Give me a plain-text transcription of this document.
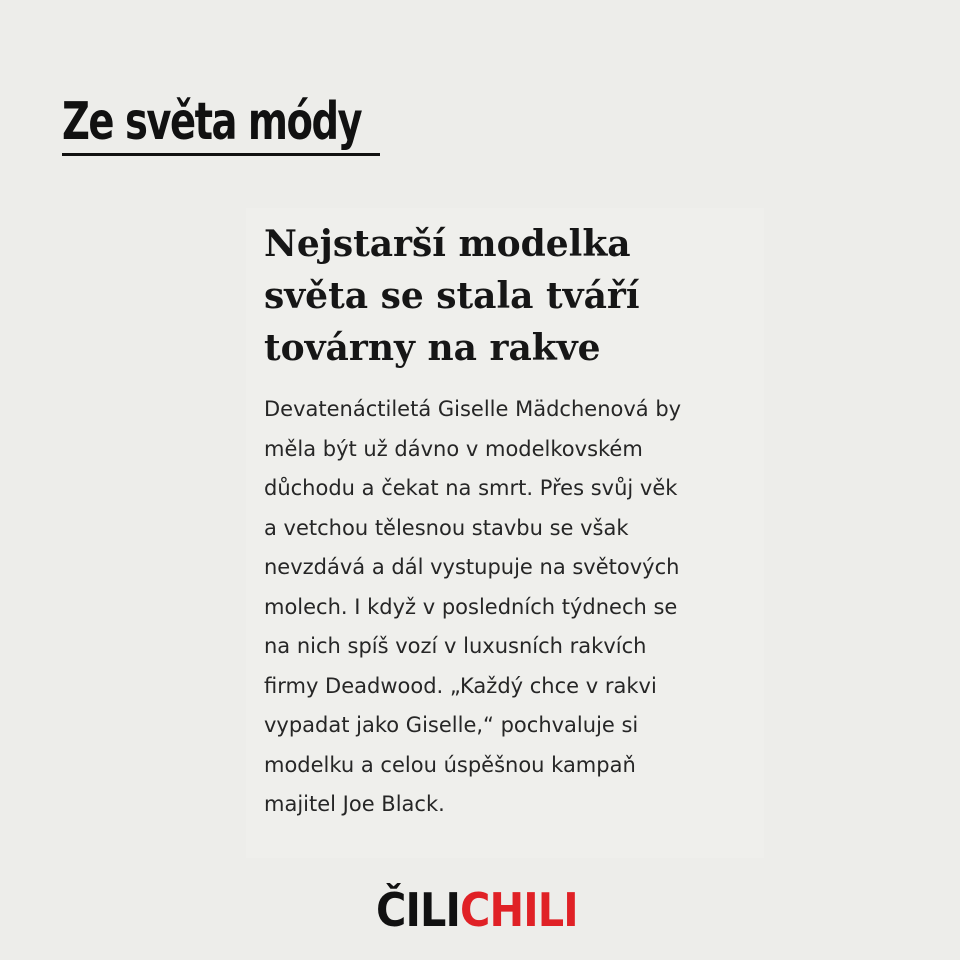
Ze světa módy
Nejstarší modelka
světa se stala tváří
továrny na rakve

Devatenáctiletá Giselle Mädchenová by
měla být už dávno v modelkovském
důchodu a čekat na smrt. Přes svůj věk
a vetchou tělesnou stavbu se však
nevzdává a dál vystupuje na světových
molech. I když v posledních týdnech se
na nich spíš vozí v luxusních rakvích
firmy Deadwood. „Každý chce v rakvi
vypadat jako Giselle,“ pochvaluje si
modelku a celou úspěšnou kampaň
majitel Joe Black.

ČILICHILI
